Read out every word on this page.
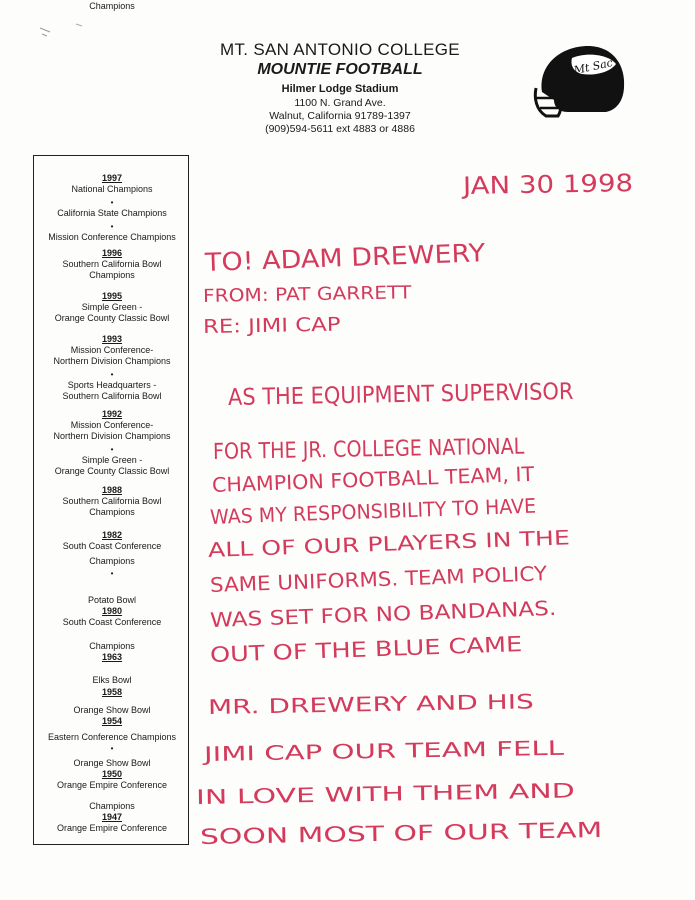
MT. SAN ANTONIO COLLEGE
MOUNTIE FOOTBALL
Hilmer Lodge Stadium
1100 N. Grand Ave.
Walnut, California 91789-1397
(909)594-5611 ext 4883 or 4886
Mt Sac
1997
National Champions
•
California State Champions
•
Mission Conference Champions
1996
Southern California Bowl
Champions
1995
Simple Green -
Orange County Classic Bowl
1993
Mission Conference-
Northern Division Champions
•
Sports Headquarters -
Southern California Bowl
1992
Mission Conference-
Northern Division Champions
•
Simple Green -
Orange County Classic Bowl
1988
Southern California Bowl
Champions
1982
South Coast Conference
Champions
•
Potato Bowl
1980
South Coast Conference
Champions
1963
Elks Bowl
1958
Orange Show Bowl
1954
Eastern Conference Champions
•
Orange Show Bowl
1950
Orange Empire Conference
Champions
1947
Orange Empire Conference
Champions
JAN 30 1998
TO! ADAM DREWERY
FROM: PAT GARRETT
RE: JIMI CAP
AS THE EQUIPMENT SUPERVISOR
FOR THE JR. COLLEGE NATIONAL
CHAMPION FOOTBALL TEAM, IT
WAS MY RESPONSIBILITY TO HAVE
ALL OF OUR PLAYERS IN THE
SAME UNIFORMS. TEAM POLICY
WAS SET FOR NO BANDANAS.
OUT OF THE BLUE CAME
MR. DREWERY AND HIS
JIMI CAP OUR TEAM FELL
IN LOVE WITH THEM AND
SOON MOST OF OUR TEAM
